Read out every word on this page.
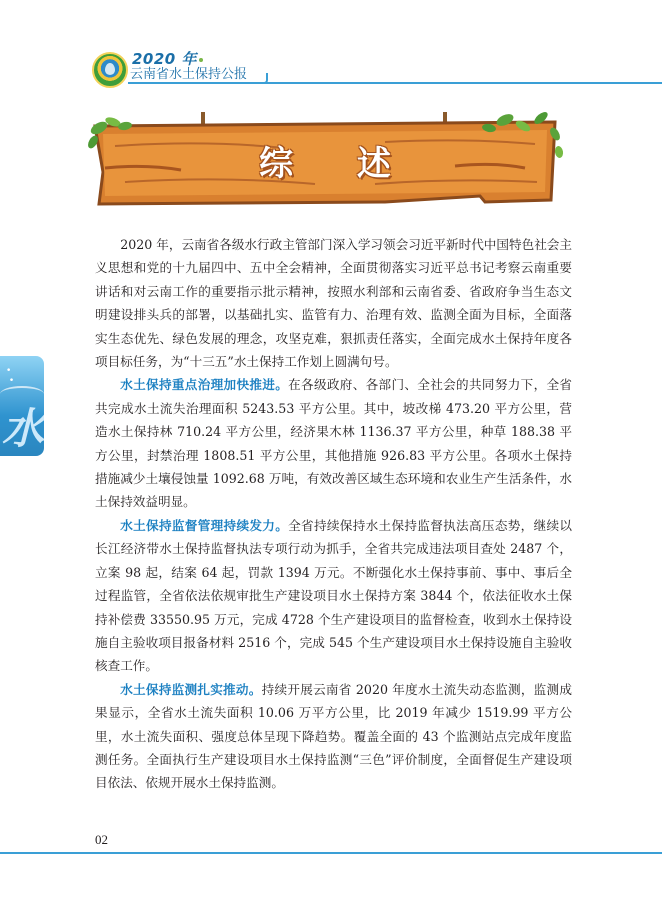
2020 年
云南省水土保持公报
综 述
•
•
水

2020 年，云南省各级水行政主管部门深入学习领会习近平新时代中国特色社会主义思想和党的十九届四中、五中全会精神，全面贯彻落实习近平总书记考察云南重要讲话和对云南工作的重要指示批示精神，按照水利部和云南省委、省政府争当生态文明建设排头兵的部署，以基础扎实、监管有力、治理有效、监测全面为目标，全面落实生态优先、绿色发展的理念，攻坚克难，狠抓责任落实，全面完成水土保持年度各项目标任务，为“十三五”水土保持工作划上圆满句号。

水土保持重点治理加快推进。在各级政府、各部门、全社会的共同努力下，全省共完成水土流失治理面积 5243.53 平方公里。其中，坡改梯 473.20 平方公里，营造水土保持林 710.24 平方公里，经济果木林 1136.37 平方公里，种草 188.38 平方公里，封禁治理 1808.51 平方公里，其他措施 926.83 平方公里。各项水土保持措施减少土壤侵蚀量 1092.68 万吨，有效改善区域生态环境和农业生产生活条件，水土保持效益明显。

水土保持监督管理持续发力。全省持续保持水土保持监督执法高压态势，继续以长江经济带水土保持监督执法专项行动为抓手，全省共完成违法项目查处 2487 个，立案 98 起，结案 64 起，罚款 1394 万元。不断强化水土保持事前、事中、事后全过程监管，全省依法依规审批生产建设项目水土保持方案 3844 个，依法征收水土保持补偿费 33550.95 万元，完成 4728 个生产建设项目的监督检查，收到水土保持设施自主验收项目报备材料 2516 个，完成 545 个生产建设项目水土保持设施自主验收核查工作。

水土保持监测扎实推动。持续开展云南省 2020 年度水土流失动态监测，监测成果显示，全省水土流失面积 10.06 万平方公里，比 2019 年减少 1519.99 平方公里，水土流失面积、强度总体呈现下降趋势。覆盖全面的 43 个监测站点完成年度监测任务。全面执行生产建设项目水土保持监测“三色”评价制度，全面督促生产建设项目依法、依规开展水土保持监测。

02
